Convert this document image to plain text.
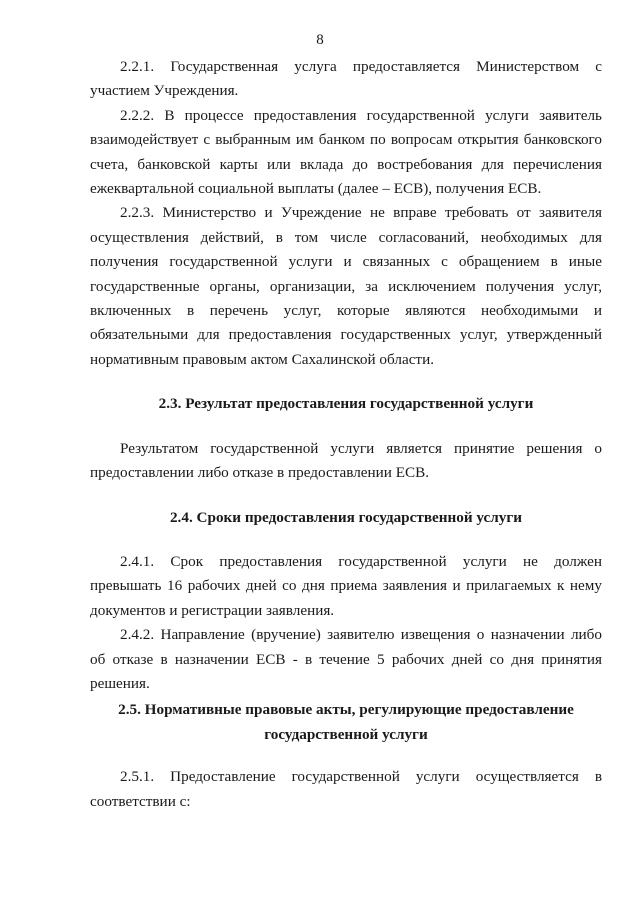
8

2.2.1. Государственная услуга предоставляется Министерством с участием Учреждения.

2.2.2. В процессе предоставления государственной услуги заявитель взаимодействует с выбранным им банком по вопросам открытия банковского счета, банковской карты или вклада до востребования для перечисления ежеквартальной социальной выплаты (далее – ЕСВ), получения ЕСВ.

2.2.3. Министерство и Учреждение не вправе требовать от заявителя осуществления действий, в том числе согласований, необходимых для получения государственной услуги и связанных с обращением в иные государственные органы, организации, за исключением получения услуг, включенных в перечень услуг, которые являются необходимыми и обязательными для предоставления государственных услуг, утвержденный нормативным правовым актом Сахалинской области.

2.3. Результат предоставления государственной услуги

Результатом государственной услуги является принятие решения о предоставлении либо отказе в предоставлении ЕСВ.

2.4. Сроки предоставления государственной услуги

2.4.1. Срок предоставления государственной услуги не должен превышать 16 рабочих дней со дня приема заявления и прилагаемых к нему документов и регистрации заявления.

2.4.2. Направление (вручение) заявителю извещения о назначении либо об отказе в назначении ЕСВ - в течение 5 рабочих дней со дня принятия решения.

2.5. Нормативные правовые акты, регулирующие предоставление
государственной услуги

2.5.1. Предоставление государственной услуги осуществляется в соответствии с:
